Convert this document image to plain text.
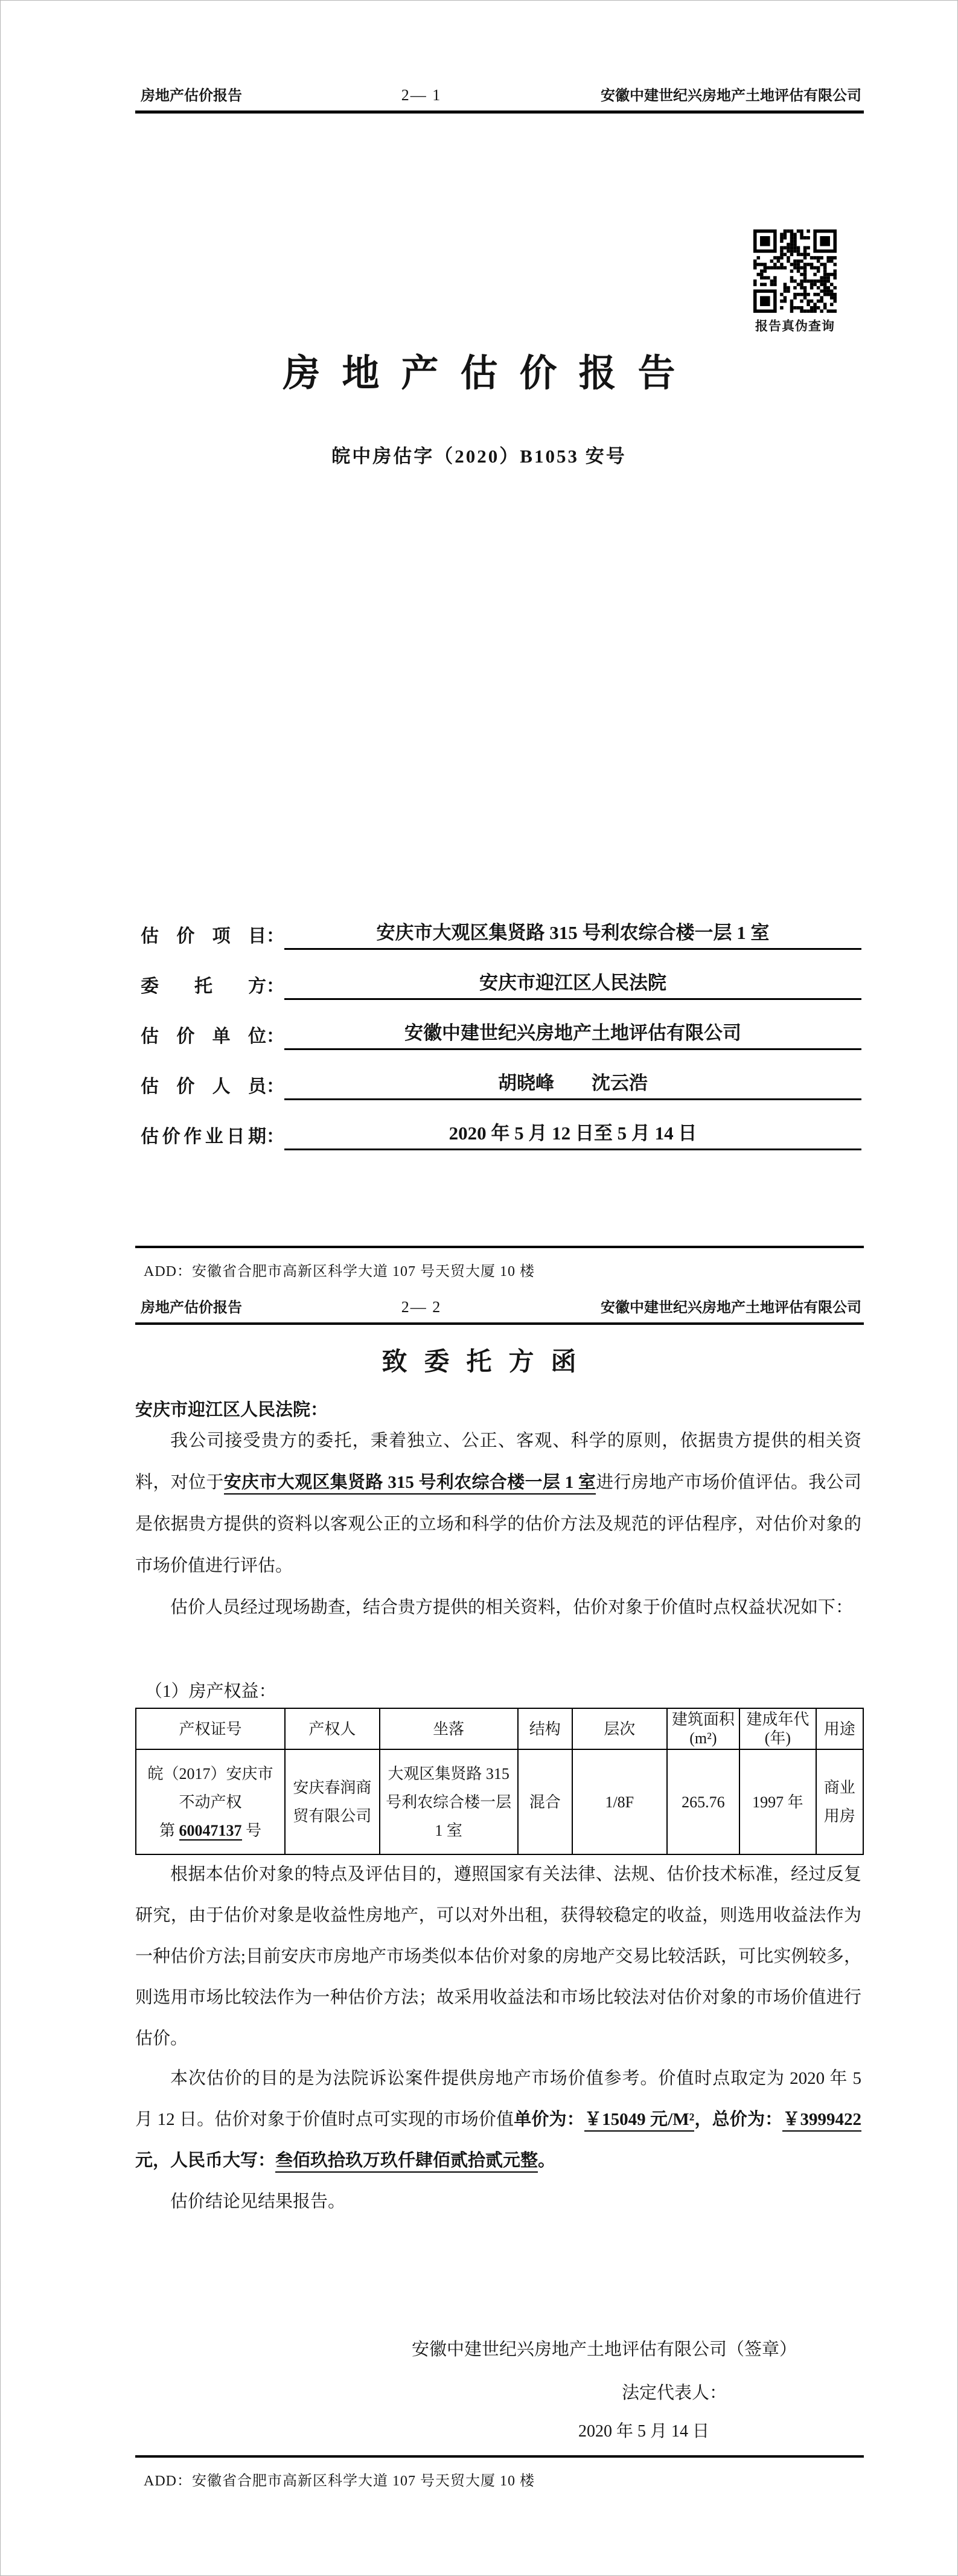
房地产估价报告	2— 1	安徽中建世纪兴房地产土地评估有限公司
报告真伪查询
房地产估价报告
皖中房估字（2020）B1053 安号
估价项目 ：	安庆市大观区集贤路 315 号利农综合楼一层 1 室
委托方 ：	安庆市迎江区人民法院
估价单位 ：	安徽中建世纪兴房地产土地评估有限公司
估价人员 ：	胡晓峰　　沈云浩
估价作业日期 ：	2020 年 5 月 12 日至 5 月 14 日
ADD：安徽省合肥市高新区科学大道 107 号天贸大厦 10 楼
房地产估价报告	2— 2	安徽中建世纪兴房地产土地评估有限公司
致委托方函
安庆市迎江区人民法院：

我公司接受贵方的委托，秉着独立、公正、客观、科学的原则，依据贵方提供的相关资料，对位于安庆市大观区集贤路 315 号利农综合楼一层 1 室进行房地产市场价值评估。我公司是依据贵方提供的资料以客观公正的立场和科学的估价方法及规范的评估程序，对估价对象的市场价值进行评估。

估价人员经过现场勘查，结合贵方提供的相关资料，估价对象于价值时点权益状况如下：

（1）房产权益：
产权证号	产权人	坐落	结构	层次	建筑面积(m²)	建成年代(年)	用途

皖（2017）安庆市
不动产权
第 60047137 号	安庆春润商贸有限公司	大观区集贤路 315 号利农综合楼一层 1 室	混合	1/8F	265.76	1997 年	商业用房

根据本估价对象的特点及评估目的，遵照国家有关法律、法规、估价技术标准，经过反复研究，由于估价对象是收益性房地产，可以对外出租，获得较稳定的收益，则选用收益法作为一种估价方法;目前安庆市房地产市场类似本估价对象的房地产交易比较活跃，可比实例较多，则选用市场比较法作为一种估价方法；故采用收益法和市场比较法对估价对象的市场价值进行估价。

本次估价的目的是为法院诉讼案件提供房地产市场价值参考。价值时点取定为 2020 年 5 月 12 日。估价对象于价值时点可实现的市场价值单价为：￥15049 元/M²，总价为：￥3999422 元，人民币大写：叁佰玖拾玖万玖仟肆佰贰拾贰元整。

估价结论见结果报告。

安徽中建世纪兴房地产土地评估有限公司（签章）
法定代表人：
2020 年 5 月 14 日
ADD：安徽省合肥市高新区科学大道 107 号天贸大厦 10 楼
